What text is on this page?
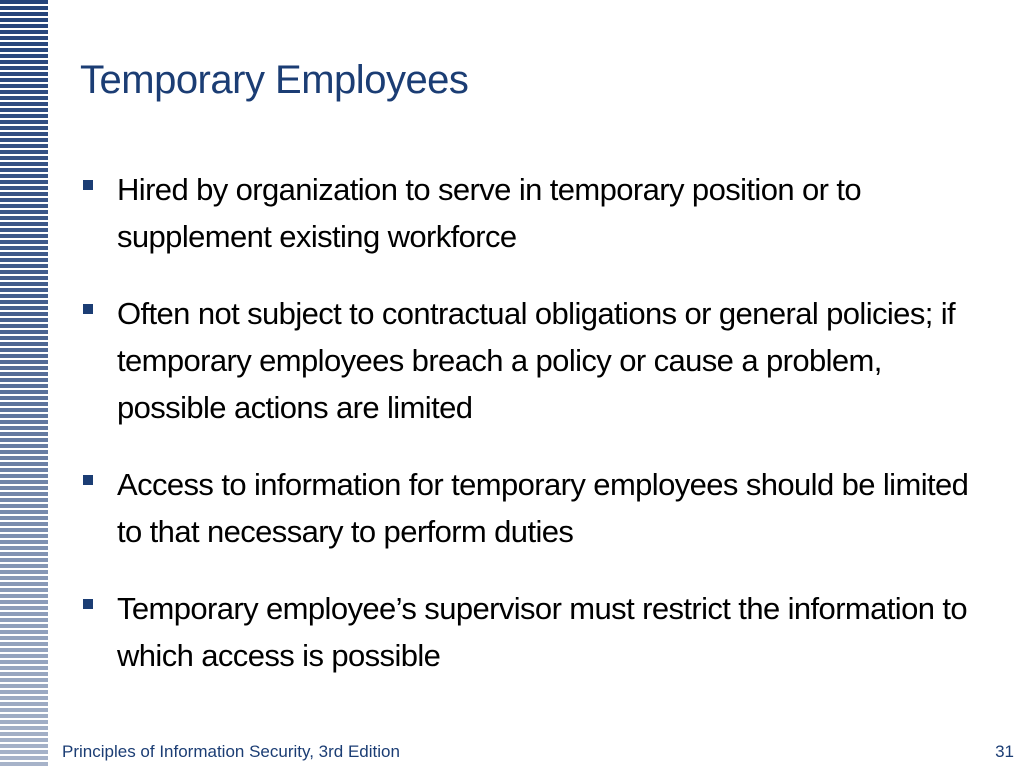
Temporary Employees
Hired by organization to serve in temporary position or to supplement existing workforce
Often not subject to contractual obligations or general policies; if temporary employees breach a policy or cause a problem, possible actions are limited
Access to information for temporary employees should be limited to that necessary to perform duties
Temporary employee’s supervisor must restrict the information to which access is possible
Principles of Information Security, 3rd Edition	31
